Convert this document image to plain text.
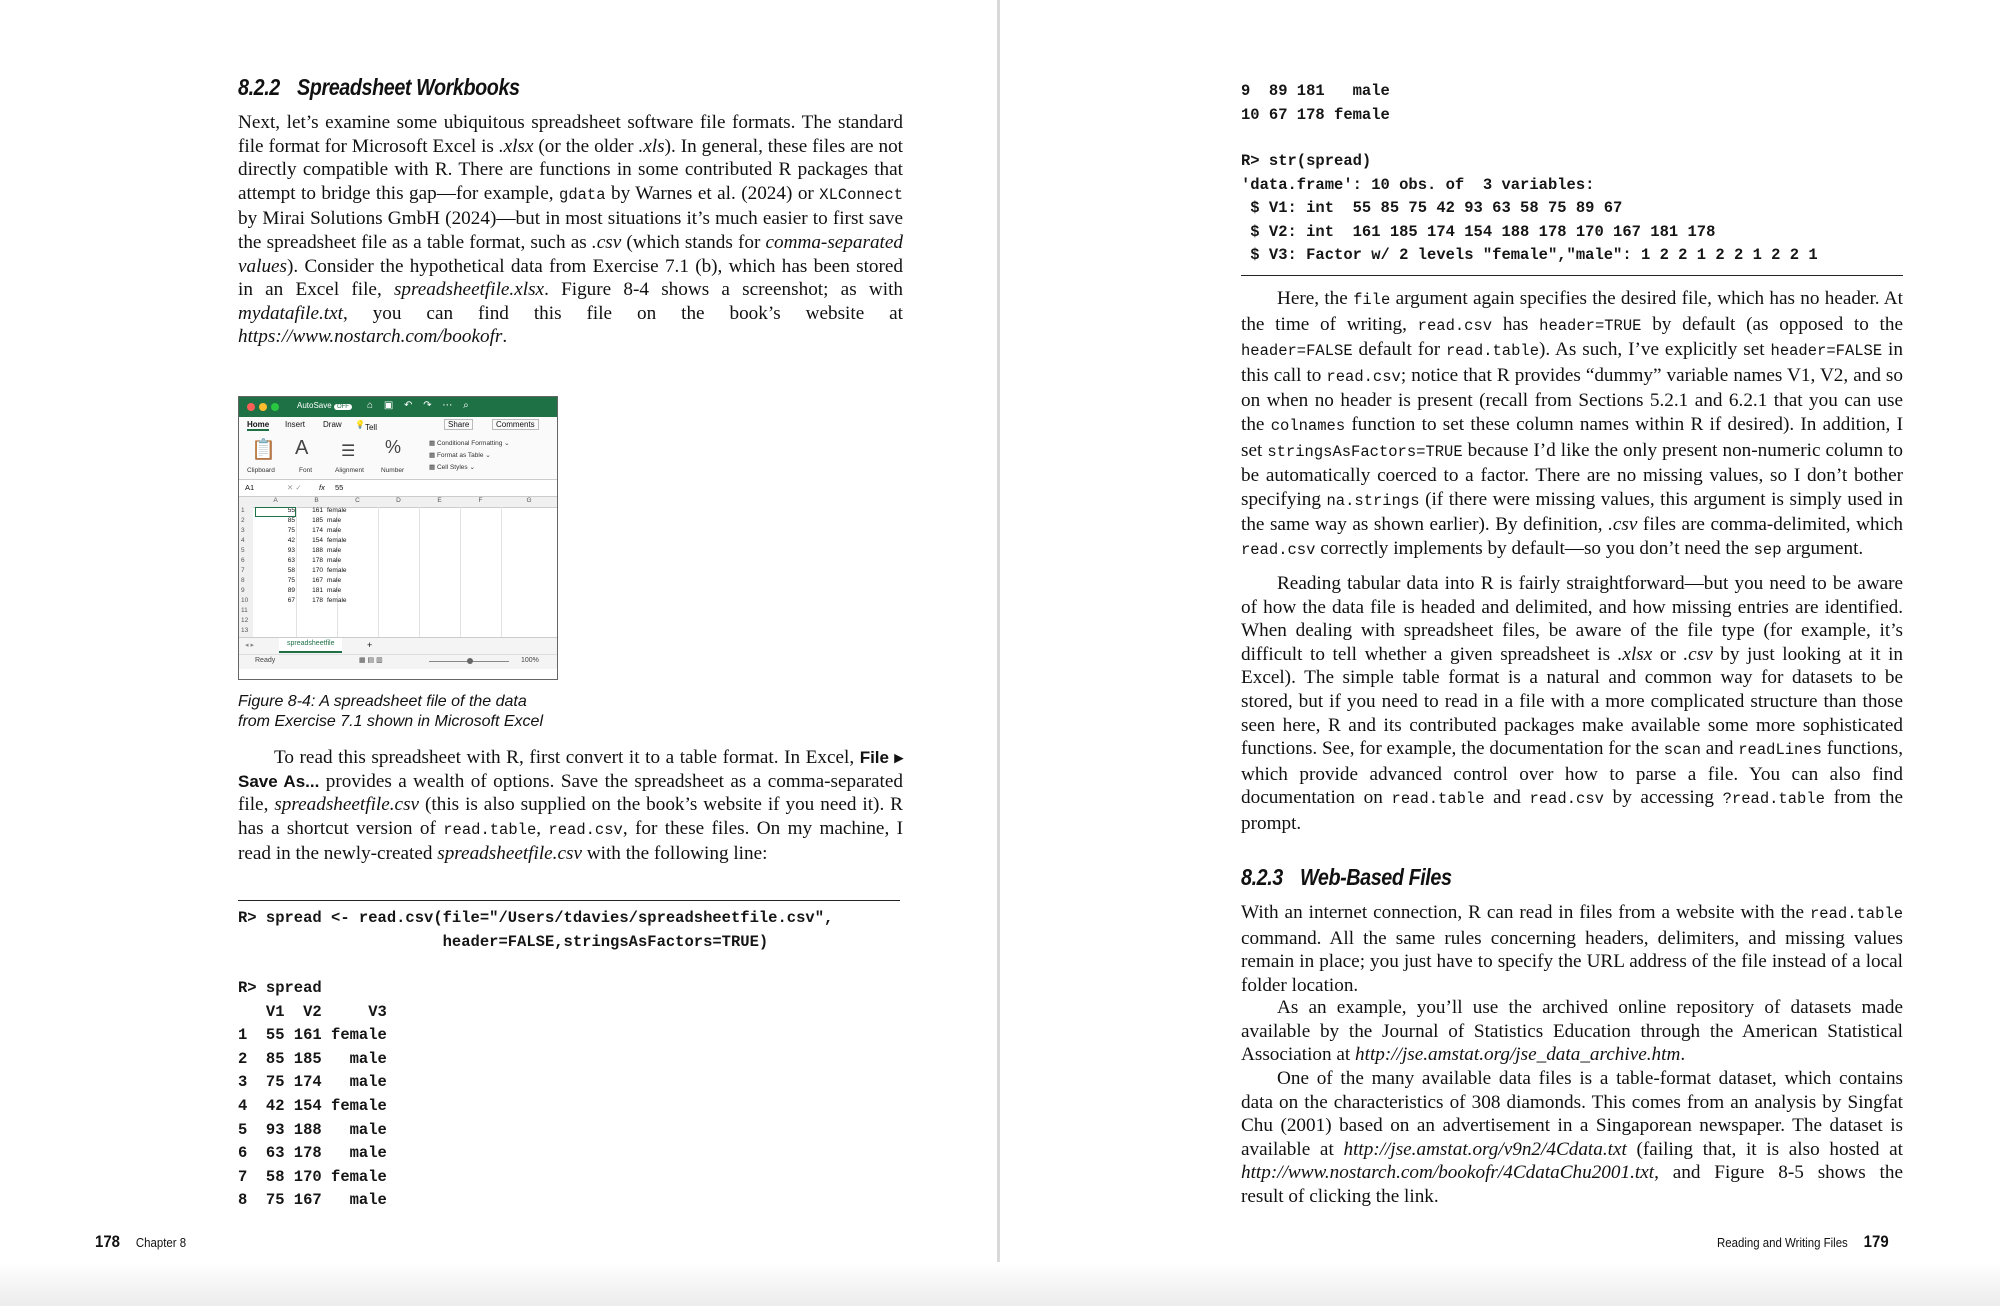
8.2.2 Spreadsheet Workbooks

Next, let’s examine some ubiquitous spreadsheet software file formats. The standard file format for Microsoft Excel is .xlsx (or the older .xls). In general, these files are not directly compatible with R. There are functions in some contributed R packages that attempt to bridge this gap—for example, gdata by Warnes et al. (2024) or XLConnect by Mirai Solutions GmbH (2024)—but in most situations it’s much easier to first save the spreadsheet file as a table format, such as .csv (which stands for comma-separated values). Consider the hypothetical data from Exercise 7.1 (b), which has been stored in an Excel file, spreadsheetfile.xlsx. Figure 8-4 shows a screenshot; as with mydatafile.txt, you can find this file on the book’s website at https://www.nostarch.com/bookofr.

AutoSave OFF	⌂ ▣ ↶ ↷ ⋯ ⌕
Home Insert Draw 💡 Tell	Share	Comments
📋
Clipboard
A
Font
☰
Alignment
%
Number
▦ Conditional Formatting ⌄
▦ Format as Table ⌄
▦ Cell Styles ⌄
A1	✕ ✓ fx 55
A	B	C	D	E	F	G
1	55	161 female
2	85	185 male
3	75	174 male
4	42	154 female
5	93	188 male
6	63	178 male
7	58	170 female
8	75	167 male
9	89	181 male
10	67	178 female
11
12
13
◂ ▸	spreadsheetfile	+
Ready	▦ ▤ ▥	100%
Figure 8-4: A spreadsheet file of the data
from Exercise 7.1 shown in Microsoft Excel

To read this spreadsheet with R, first convert it to a table format. In Excel, File ▸ Save As... provides a wealth of options. Save the spreadsheet as a comma-separated file, spreadsheetfile.csv (this is also supplied on the book’s website if you need it). R has a shortcut version of read.table, read.csv, for these files. On my machine, I read in the newly-created spreadsheetfile.csv with the following line:

R> spread <- read.csv(file="/Users/tdavies/spreadsheetfile.csv",
header=FALSE,stringsAsFactors=TRUE)
R> spread
V1  V2     V3
1  55 161 female
2  85 185   male
3  75 174   male
4  42 154 female
5  93 188   male
6  63 178   male
7  58 170 female
8  75 167   male
178 Chapter 8
9  89 181   male
10 67 178 female
R> str(spread)
'data.frame': 10 obs. of  3 variables:
$ V1: int  55 85 75 42 93 63 58 75 89 67
$ V2: int  161 185 174 154 188 178 170 167 181 178
$ V3: Factor w/ 2 levels "female","male": 1 2 2 1 2 2 1 2 2 1

Here, the file argument again specifies the desired file, which has no header. At the time of writing, read.csv has header=TRUE by default (as opposed to the header=FALSE default for read.table). As such, I’ve explicitly set header=FALSE in this call to read.csv; notice that R provides “dummy” variable names V1, V2, and so on when no header is present (recall from Sections 5.2.1 and 6.2.1 that you can use the colnames function to set these column names within R if desired). In addition, I set stringsAsFactors=TRUE because I’d like the only present non-numeric column to be automatically coerced to a factor. There are no missing values, so I don’t bother specifying na.strings (if there were missing values, this argument is simply used in the same way as shown earlier). By definition, .csv files are comma-delimited, which read.csv correctly implements by default—so you don’t need the sep argument.

Reading tabular data into R is fairly straightforward—but you need to be aware of how the data file is headed and delimited, and how missing entries are identified. When dealing with spreadsheet files, be aware of the file type (for example, it’s difficult to tell whether a given spreadsheet is .xlsx or .csv by just looking at it in Excel). The simple table format is a natural and common way for datasets to be stored, but if you need to read in a file with a more complicated structure than those seen here, R and its contributed packages make available some more sophisticated functions. See, for example, the documentation for the scan and readLines functions, which provide advanced control over how to parse a file. You can also find documentation on read.table and read.csv by accessing ?read.table from the prompt.

8.2.3 Web-Based Files

With an internet connection, R can read in files from a website with the read.table command. All the same rules concerning headers, delimiters, and missing values remain in place; you just have to specify the URL address of the file instead of a local folder location.

As an example, you’ll use the archived online repository of datasets made available by the Journal of Statistics Education through the American Statistical Association at http://jse.amstat.org/jse_data_archive.htm.

One of the many available data files is a table-format dataset, which contains data on the characteristics of 308 diamonds. This comes from an analysis by Singfat Chu (2001) based on an advertisement in a Singaporean newspaper. The dataset is available at http://jse.amstat.org/v9n2/4Cdata.txt (failing that, it is also hosted at http://www.nostarch.com/bookofr/4CdataChu2001.txt, and Figure 8-5 shows the result of clicking the link.

Reading and Writing Files 179
